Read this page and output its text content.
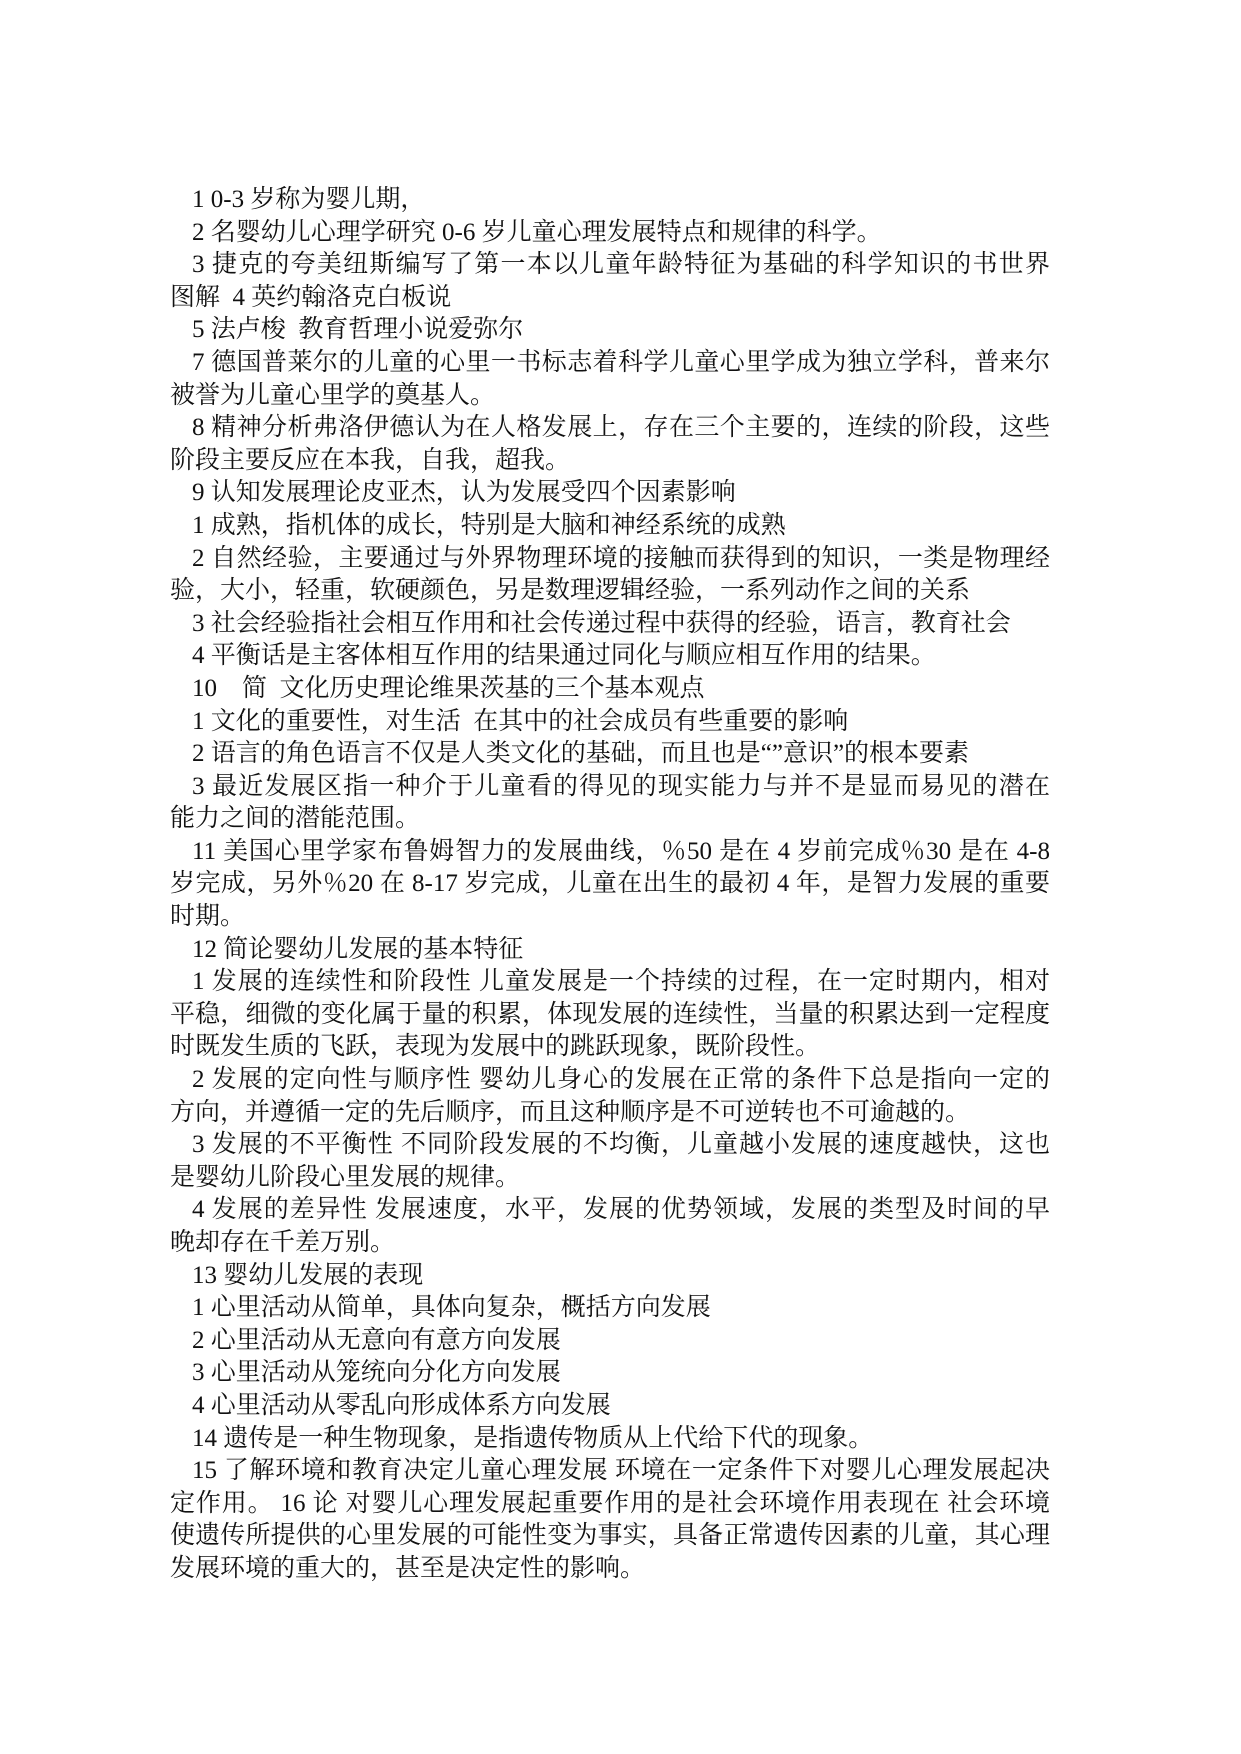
1 0-3 岁称为婴儿期，
2 名婴幼儿心理学研究 0-6 岁儿童心理发展特点和规律的科学。
3 捷克的夸美纽斯编写了第一本以儿童年龄特征为基础的科学知识的书世界
图解  4 英约翰洛克白板说
5 法卢梭  教育哲理小说爱弥尔
7 德国普莱尔的儿童的心里一书标志着科学儿童心里学成为独立学科，普来尔
被誉为儿童心里学的奠基人。
8 精神分析弗洛伊德认为在人格发展上，存在三个主要的，连续的阶段，这些
阶段主要反应在本我，自我，超我。
9 认知发展理论皮亚杰，认为发展受四个因素影响
1 成熟，指机体的成长，特别是大脑和神经系统的成熟
2 自然经验，主要通过与外界物理环境的接触而获得到的知识，一类是物理经
验，大小，轻重，软硬颜色，另是数理逻辑经验，一系列动作之间的关系
3 社会经验指社会相互作用和社会传递过程中获得的经验，语言，教育社会
4 平衡话是主客体相互作用的结果通过同化与顺应相互作用的结果。
10    简  文化历史理论维果茨基的三个基本观点
1 文化的重要性，对生活  在其中的社会成员有些重要的影响
2 语言的角色语言不仅是人类文化的基础，而且也是“”意识”的根本要素
3 最近发展区指一种介于儿童看的得见的现实能力与并不是显而易见的潜在
能力之间的潜能范围。
11 美国心里学家布鲁姆智力的发展曲线，％50 是在 4 岁前完成％30 是在 4-8
岁完成，另外％20 在 8-17 岁完成，儿童在出生的最初 4 年，是智力发展的重要
时期。
12 简论婴幼儿发展的基本特征
1 发展的连续性和阶段性 儿童发展是一个持续的过程，在一定时期内，相对
平稳，细微的变化属于量的积累，体现发展的连续性，当量的积累达到一定程度
时既发生质的飞跃，表现为发展中的跳跃现象，既阶段性。
2 发展的定向性与顺序性 婴幼儿身心的发展在正常的条件下总是指向一定的
方向，并遵循一定的先后顺序，而且这种顺序是不可逆转也不可逾越的。
3 发展的不平衡性 不同阶段发展的不均衡，儿童越小发展的速度越快，这也
是婴幼儿阶段心里发展的规律。
4 发展的差异性 发展速度，水平，发展的优势领域，发展的类型及时间的早
晚却存在千差万别。
13 婴幼儿发展的表现
1 心里活动从简单，具体向复杂，概括方向发展
2 心里活动从无意向有意方向发展
3 心里活动从笼统向分化方向发展
4 心里活动从零乱向形成体系方向发展
14 遗传是一种生物现象，是指遗传物质从上代给下代的现象。
15 了解环境和教育决定儿童心理发展 环境在一定条件下对婴儿心理发展起决
定作用。 16 论 对婴儿心理发展起重要作用的是社会环境作用表现在 社会环境
使遗传所提供的心里发展的可能性变为事实，具备正常遗传因素的儿童，其心理
发展环境的重大的，甚至是决定性的影响。
